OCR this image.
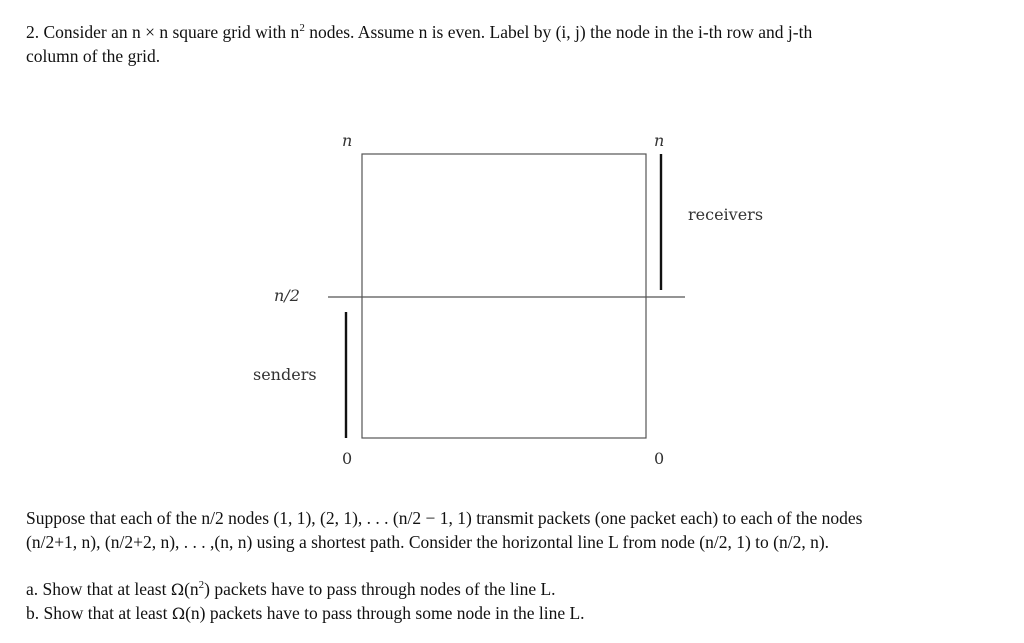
2. Consider an n × n square grid with $n^2$ nodes. Assume n is even. Label by (i, j) the node in the i-th row and j-th
column of the grid.
n	n
0	0
n/2
senders
receivers
Suppose that each of the n/2 nodes (1, 1), (2, 1), . . . (n/2 − 1, 1) transmit packets (one packet each) to each of the nodes
(n/2+1, n), (n/2+2, n), . . . ,(n, n) using a shortest path. Consider the horizontal line L from node (n/2, 1) to (n/2, n).
a. Show that at least $\Omega(n^2)$ packets have to pass through nodes of the line L.
b. Show that at least Ω(n) packets have to pass through some node in the line L.
